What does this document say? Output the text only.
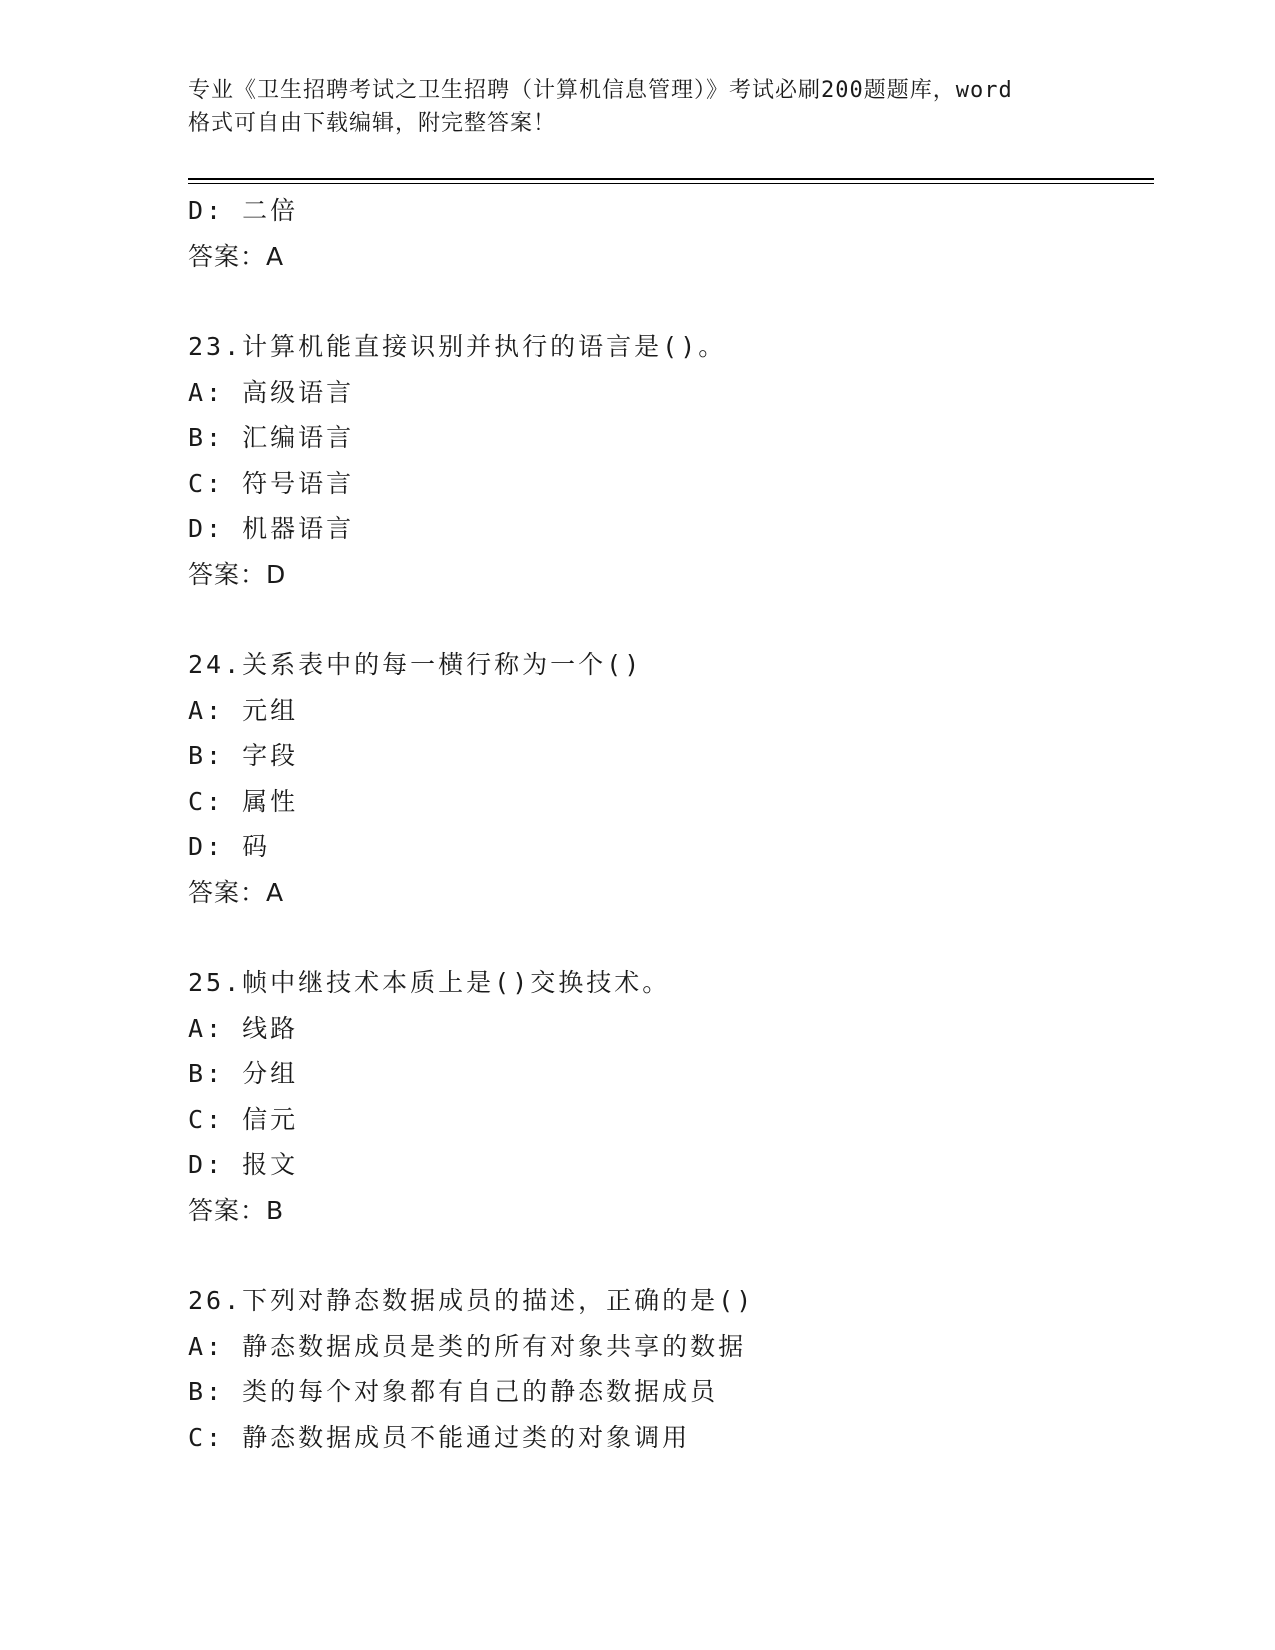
专业《卫生招聘考试之卫生招聘（计算机信息管理）》考试必刷200题题库，word
格式可自由下载编辑，附完整答案！
D: 二倍
答案：A
23.计算机能直接识别并执行的语言是()。
A: 高级语言
B: 汇编语言
C: 符号语言
D: 机器语言
答案：D
24.关系表中的每一横行称为一个()
A: 元组
B: 字段
C: 属性
D: 码
答案：A
25.帧中继技术本质上是()交换技术。
A: 线路
B: 分组
C: 信元
D: 报文
答案：B
26.下列对静态数据成员的描述，正确的是()
A: 静态数据成员是类的所有对象共享的数据
B: 类的每个对象都有自己的静态数据成员
C: 静态数据成员不能通过类的对象调用
